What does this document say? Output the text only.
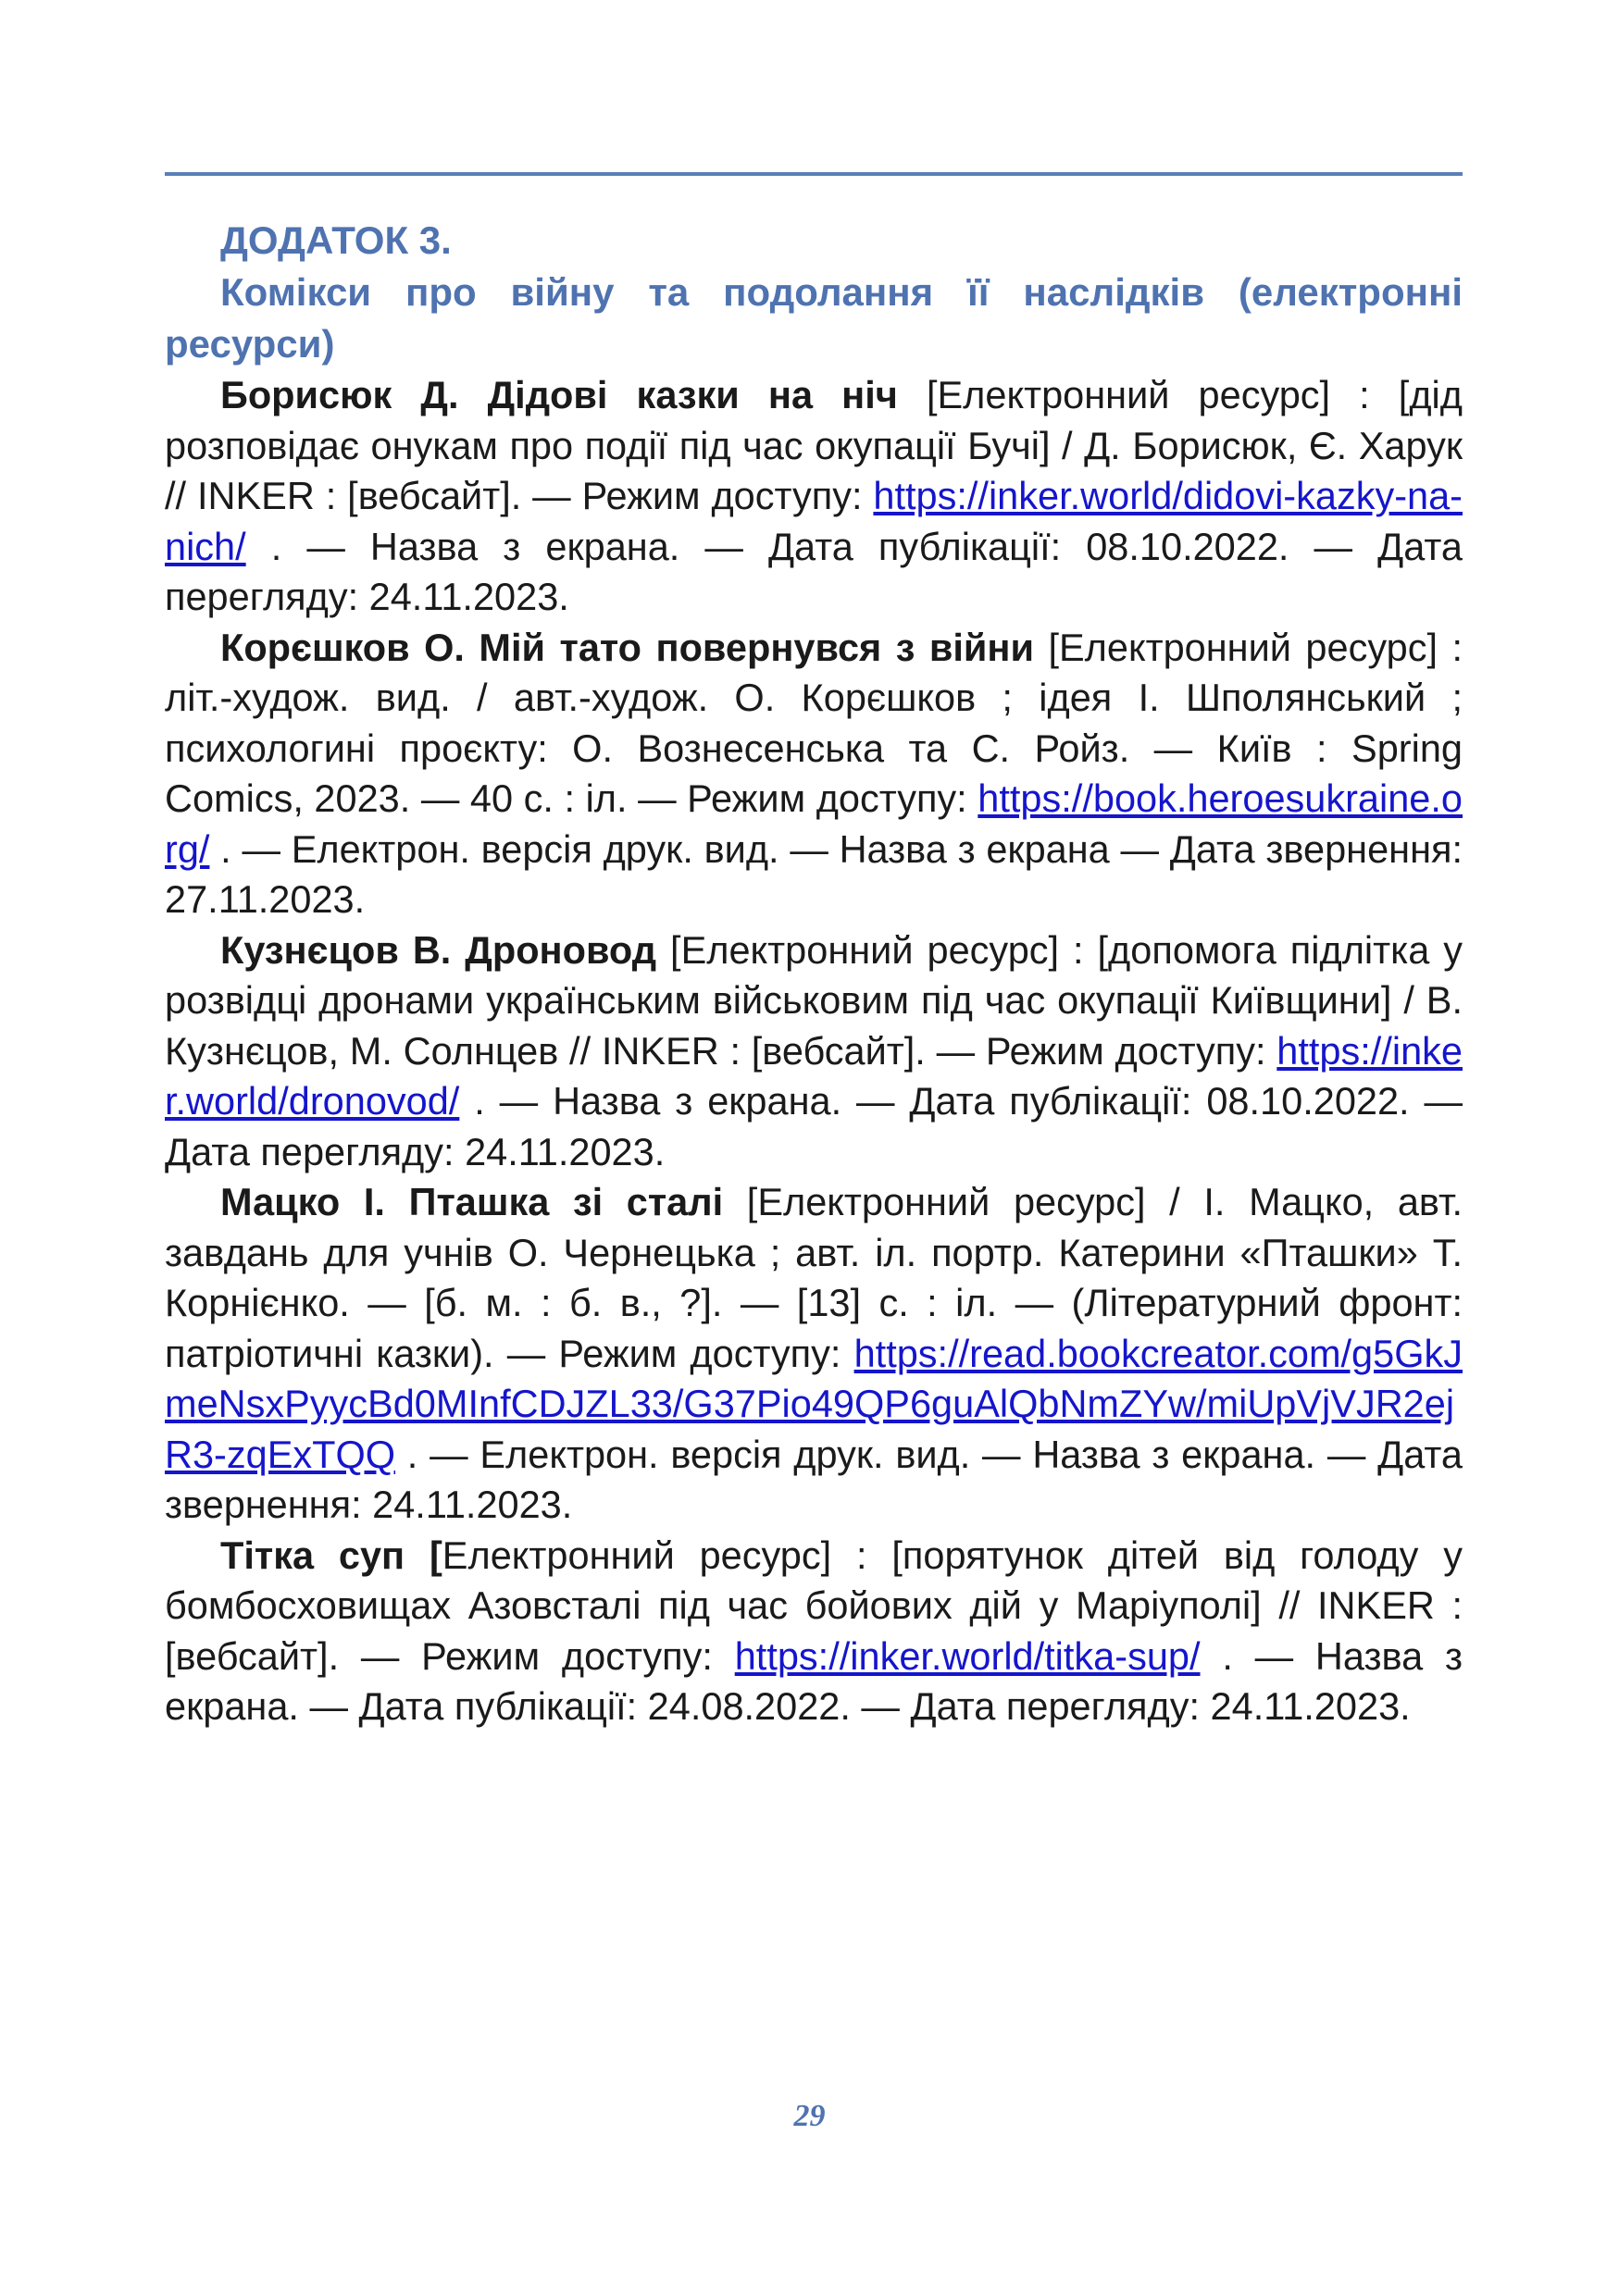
ДОДАТОК 3.

Комікси про війну та подолання її наслідків (електронні ресурси)

Борисюк Д. Дідові казки на ніч [Електронний ресурс] : [дід розповідає онукам про події під час окупації Бучі] / Д. Борисюк, Є. Харук // INKER : [вебсайт]. — Режим доступу: https://inker.world/didovi-kazky-na-nich/ . — Назва з екрана. — Дата публікації: 08.10.2022. — Дата перегляду: 24.11.2023.

Корєшков О. Мій тато повернувся з війни [Електронний ресурс] : літ.-худож. вид. / авт.-худож. О. Корєшков ; ідея І. Шполянський ; психологині проєкту: О. Вознесенська та С. Ройз. — Київ : Spring Comics, 2023. — 40 с. : іл. — Режим доступу: https://book.heroesukraine.org/ . — Електрон. версія друк. вид. — Назва з екрана — Дата звернення: 27.11.2023.

Кузнєцов В. Дроновод [Електронний ресурс] : [допомога підлітка у розвідці дронами українським військовим під час окупації Київщини] / В. Кузнєцов, М. Солнцев // INKER : [вебсайт]. — Режим доступу: https://inker.world/dronovod/ . — Назва з екрана. — Дата публікації: 08.10.2022. — Дата перегляду: 24.11.2023.

Мацко І. Пташка зі сталі [Електронний ресурс] / І. Мацко, авт. завдань для учнів О. Чернецька ; авт. іл. портр. Катерини «Пташки» Т. Корнієнко. — [б. м. : б. в., ?]. — [13] с. : іл. — (Літературний фронт: патріотичні казки). — Режим доступу: https://read.bookcreator.com/g5GkJmeNsxPyycBd0MInfCDJZL33/G37Pio49QP6guAlQbNmZYw/miUpVjVJR2ejR3-zqExTQQ . — Електрон. версія друк. вид. — Назва з екрана. — Дата звернення: 24.11.2023.

Тітка суп [Електронний ресурс] : [порятунок дітей від голоду у бомбосховищах Азовсталі під час бойових дій у Маріуполі] // INKER : [вебсайт]. — Режим доступу: https://inker.world/titka-sup/ . — Назва з екрана. — Дата публікації: 24.08.2022. — Дата перегляду: 24.11.2023.

29
